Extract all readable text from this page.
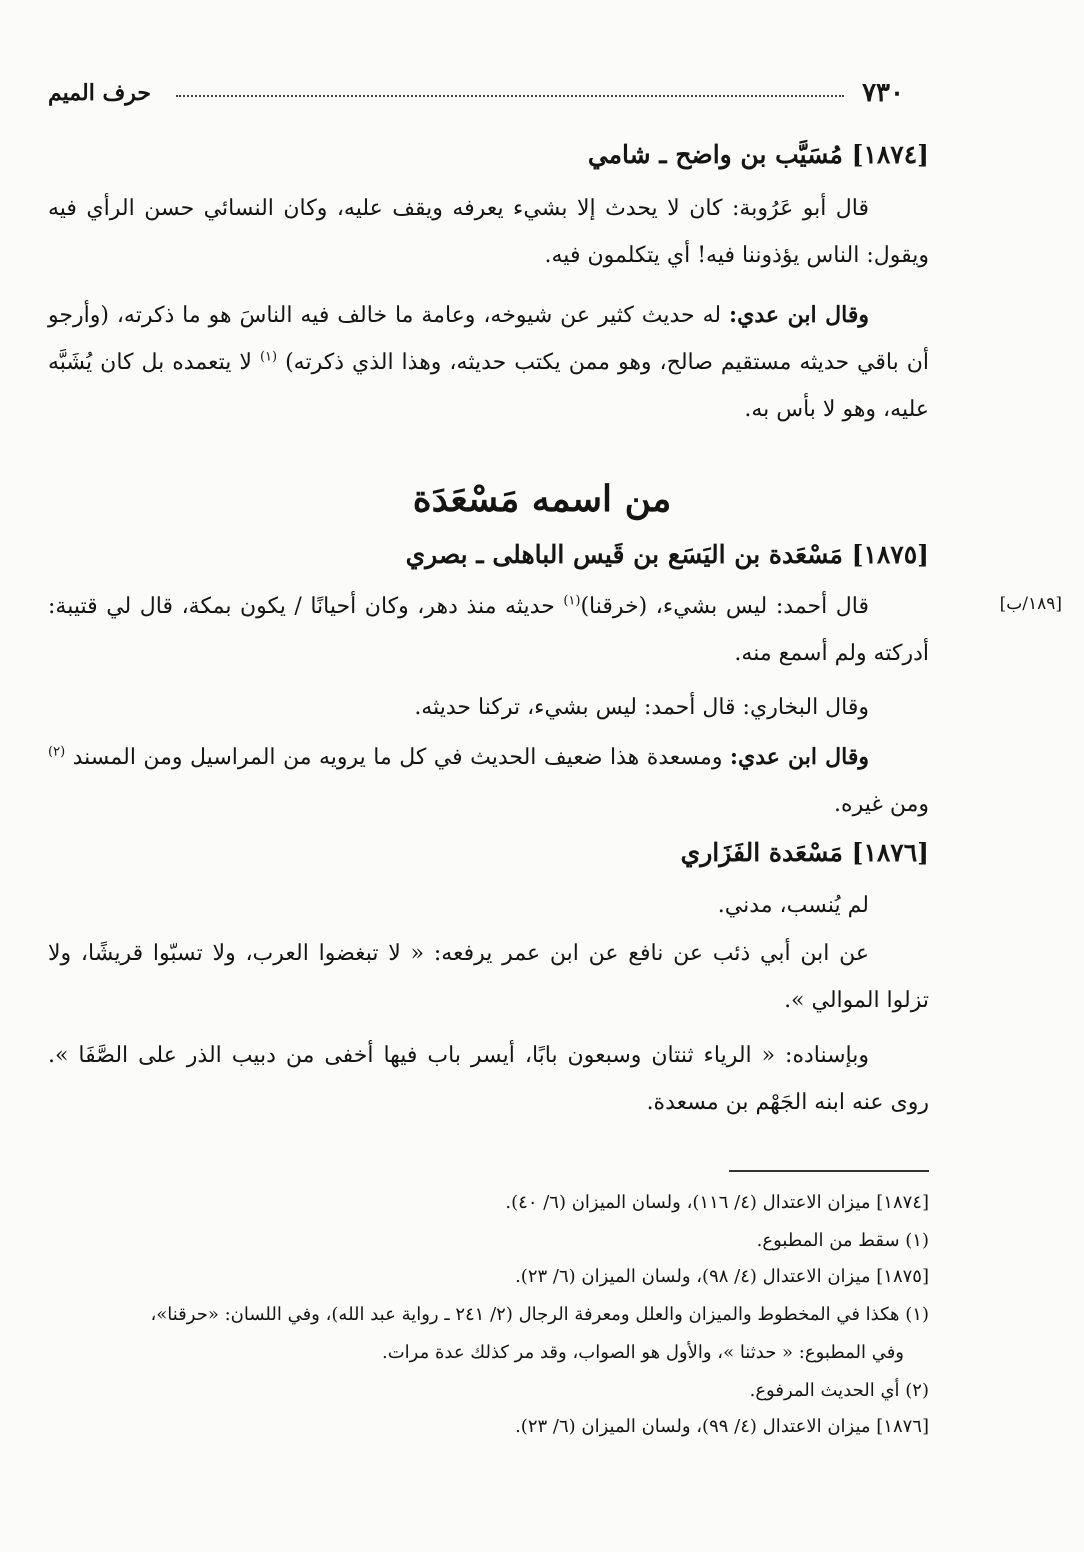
٧٣٠
حرف الميم
[١٨٧٤] مُسَيَّب بن واضح ـ شامي

قال أبو عَرُوبة: كان لا يحدث إلا بشيء يعرفه ويقف عليه، وكان النسائي حسن الرأي فيه ويقول: الناس يؤذوننا فيه! أي يتكلمون فيه.

وقال ابن عدي: له حديث كثير عن شيوخه، وعامة ما خالف فيه الناسَ هو ما ذكرته، (وأرجو أن باقي حديثه مستقيم صالح، وهو ممن يكتب حديثه، وهذا الذي ذكرته) $^{(١)}$ لا يتعمده بل كان يُشَبَّه عليه، وهو لا بأس به.

من اسمه مَسْعَدَة
[١٨٩/ب]
[١٨٧٥] مَسْعَدة بن اليَسَع بن قَيس الباهلى ـ بصري

قال أحمد: ليس بشيء، (خرقنا)$^{(١)}$ حديثه منذ دهر، وكان أحيانًا / يكون بمكة، قال لي قتيبة: أدركته ولم أسمع منه.

وقال البخاري: قال أحمد: ليس بشيء، تركنا حديثه.

وقال ابن عدي: ومسعدة هذا ضعيف الحديث في كل ما يرويه من المراسيل ومن المسند $^{(٢)}$ ومن غيره.

[١٨٧٦] مَسْعَدة الفَزَاري

لم يُنسب، مدني.

عن ابن أبي ذئب عن نافع عن ابن عمر يرفعه: « لا تبغضوا العرب، ولا تسبّوا قريشًا، ولا تزلوا الموالي ».

وبإسناده: « الرياء ثنتان وسبعون بابًا، أيسر باب فيها أخفى من دبيب الذر على الصَّفَا ». روى عنه ابنه الجَهْم بن مسعدة.

[١٨٧٤] ميزان الاعتدال (٤/ ١١٦)، ولسان الميزان (٦/ ٤٠).

(١) سقط من المطبوع.

[١٨٧٥] ميزان الاعتدال (٤/ ٩٨)، ولسان الميزان (٦/ ٢٣).

(١) هكذا في المخطوط والميزان والعلل ومعرفة الرجال (٢/ ٢٤١ ـ رواية عبد الله)، وفي اللسان: «حرقنا»،

وفي المطبوع: « حدثنا »، والأول هو الصواب، وقد مر كذلك عدة مرات.

(٢) أي الحديث المرفوع.

[١٨٧٦] ميزان الاعتدال (٤/ ٩٩)، ولسان الميزان (٦/ ٢٣).
